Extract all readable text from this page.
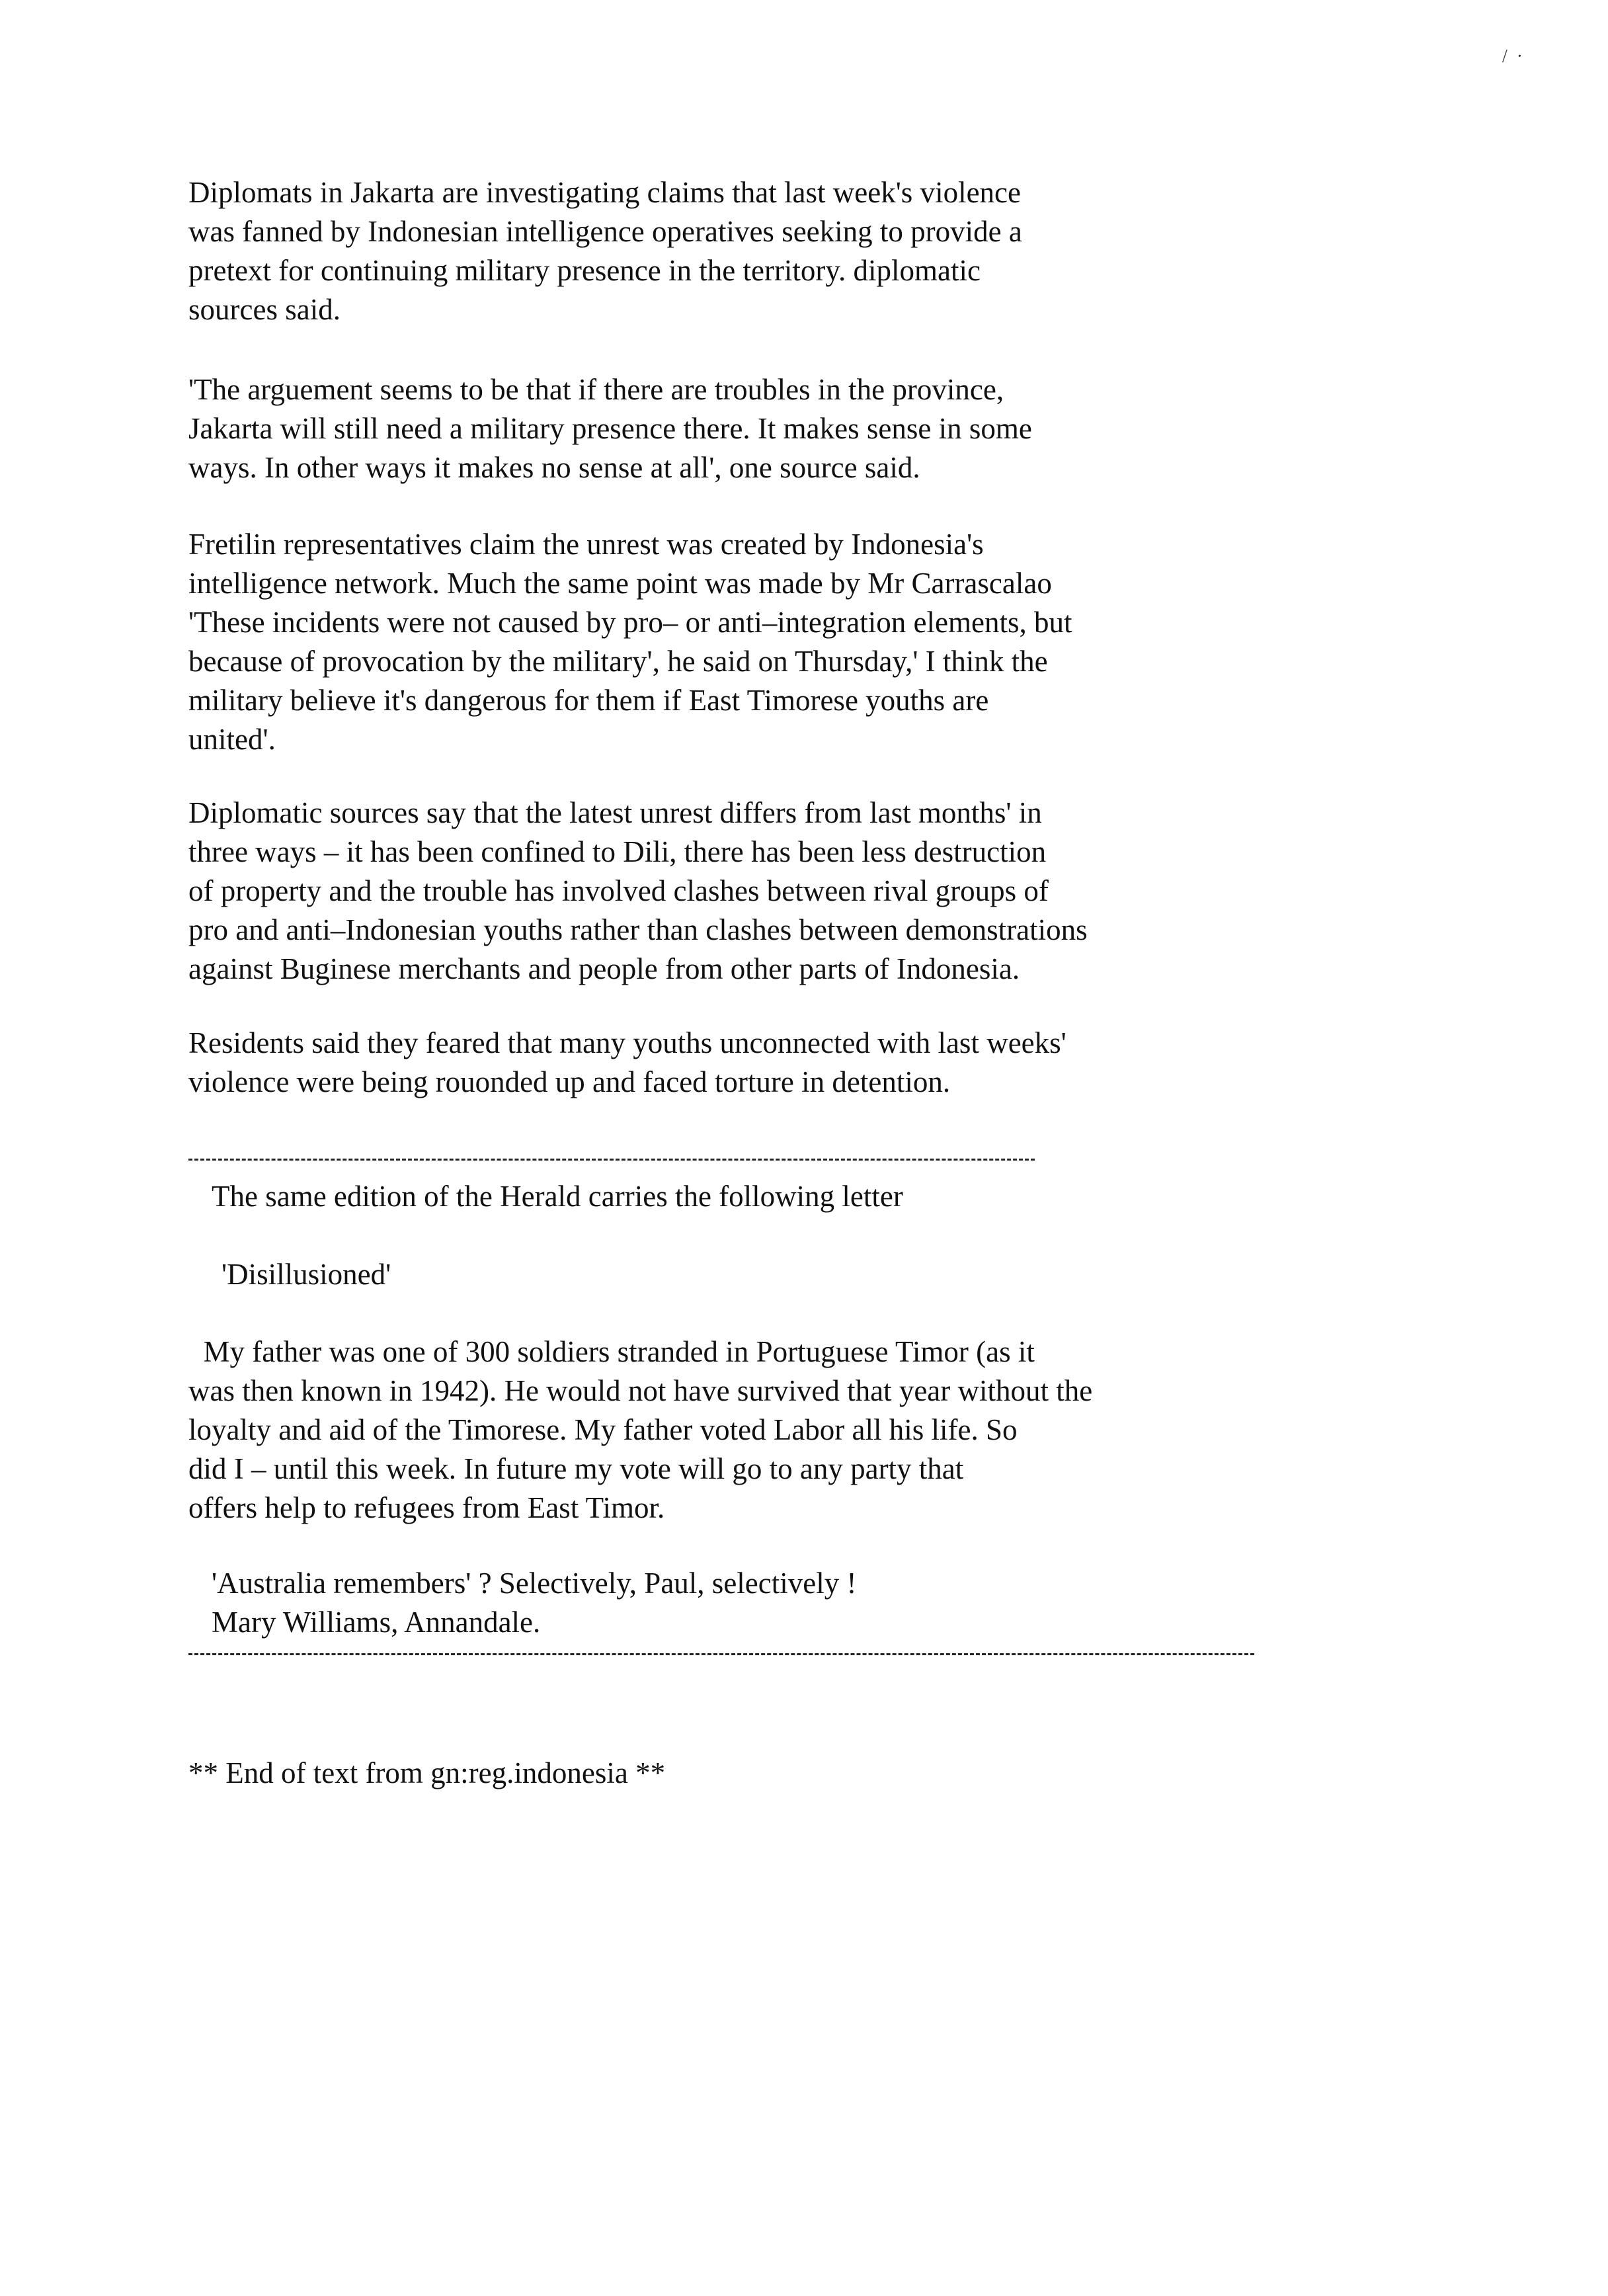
/  ·
Diplomats in Jakarta are investigating claims that last week's violence
was fanned by Indonesian intelligence operatives seeking to provide a
pretext for continuing military presence in the territory. diplomatic
sources said.
'The arguement seems to be that if there are troubles in the province,
Jakarta will still need a military presence there. It makes sense in some
ways. In other ways it makes no sense at all', one source said.
Fretilin representatives claim the unrest was created by Indonesia's
intelligence network. Much the same point was made by Mr Carrascalao
'These incidents were not caused by pro– or anti–integration elements, but
because of provocation by the military', he said on Thursday,' I think the
military believe it's dangerous for them if East Timorese youths are
united'.
Diplomatic sources say that the latest unrest differs from last months' in
three ways – it has been confined to Dili, there has been less destruction
of property and the trouble has involved clashes between rival groups of
pro and anti–Indonesian youths rather than clashes between demonstrations
against Buginese merchants and people from other parts of Indonesia.
Residents said they feared that many youths unconnected with last weeks'
violence were being rouonded up and faced torture in detention.
The same edition of the Herald carries the following letter
'Disillusioned'
My father was one of 300 soldiers stranded in Portuguese Timor (as it
was then known in 1942). He would not have survived that year without the
loyalty and aid of the Timorese. My father voted Labor all his life. So
did I – until this week. In future my vote will go to any party that
offers help to refugees from East Timor.
'Australia remembers' ? Selectively, Paul, selectively !
Mary Williams, Annandale.
** End of text from gn:reg.indonesia **
